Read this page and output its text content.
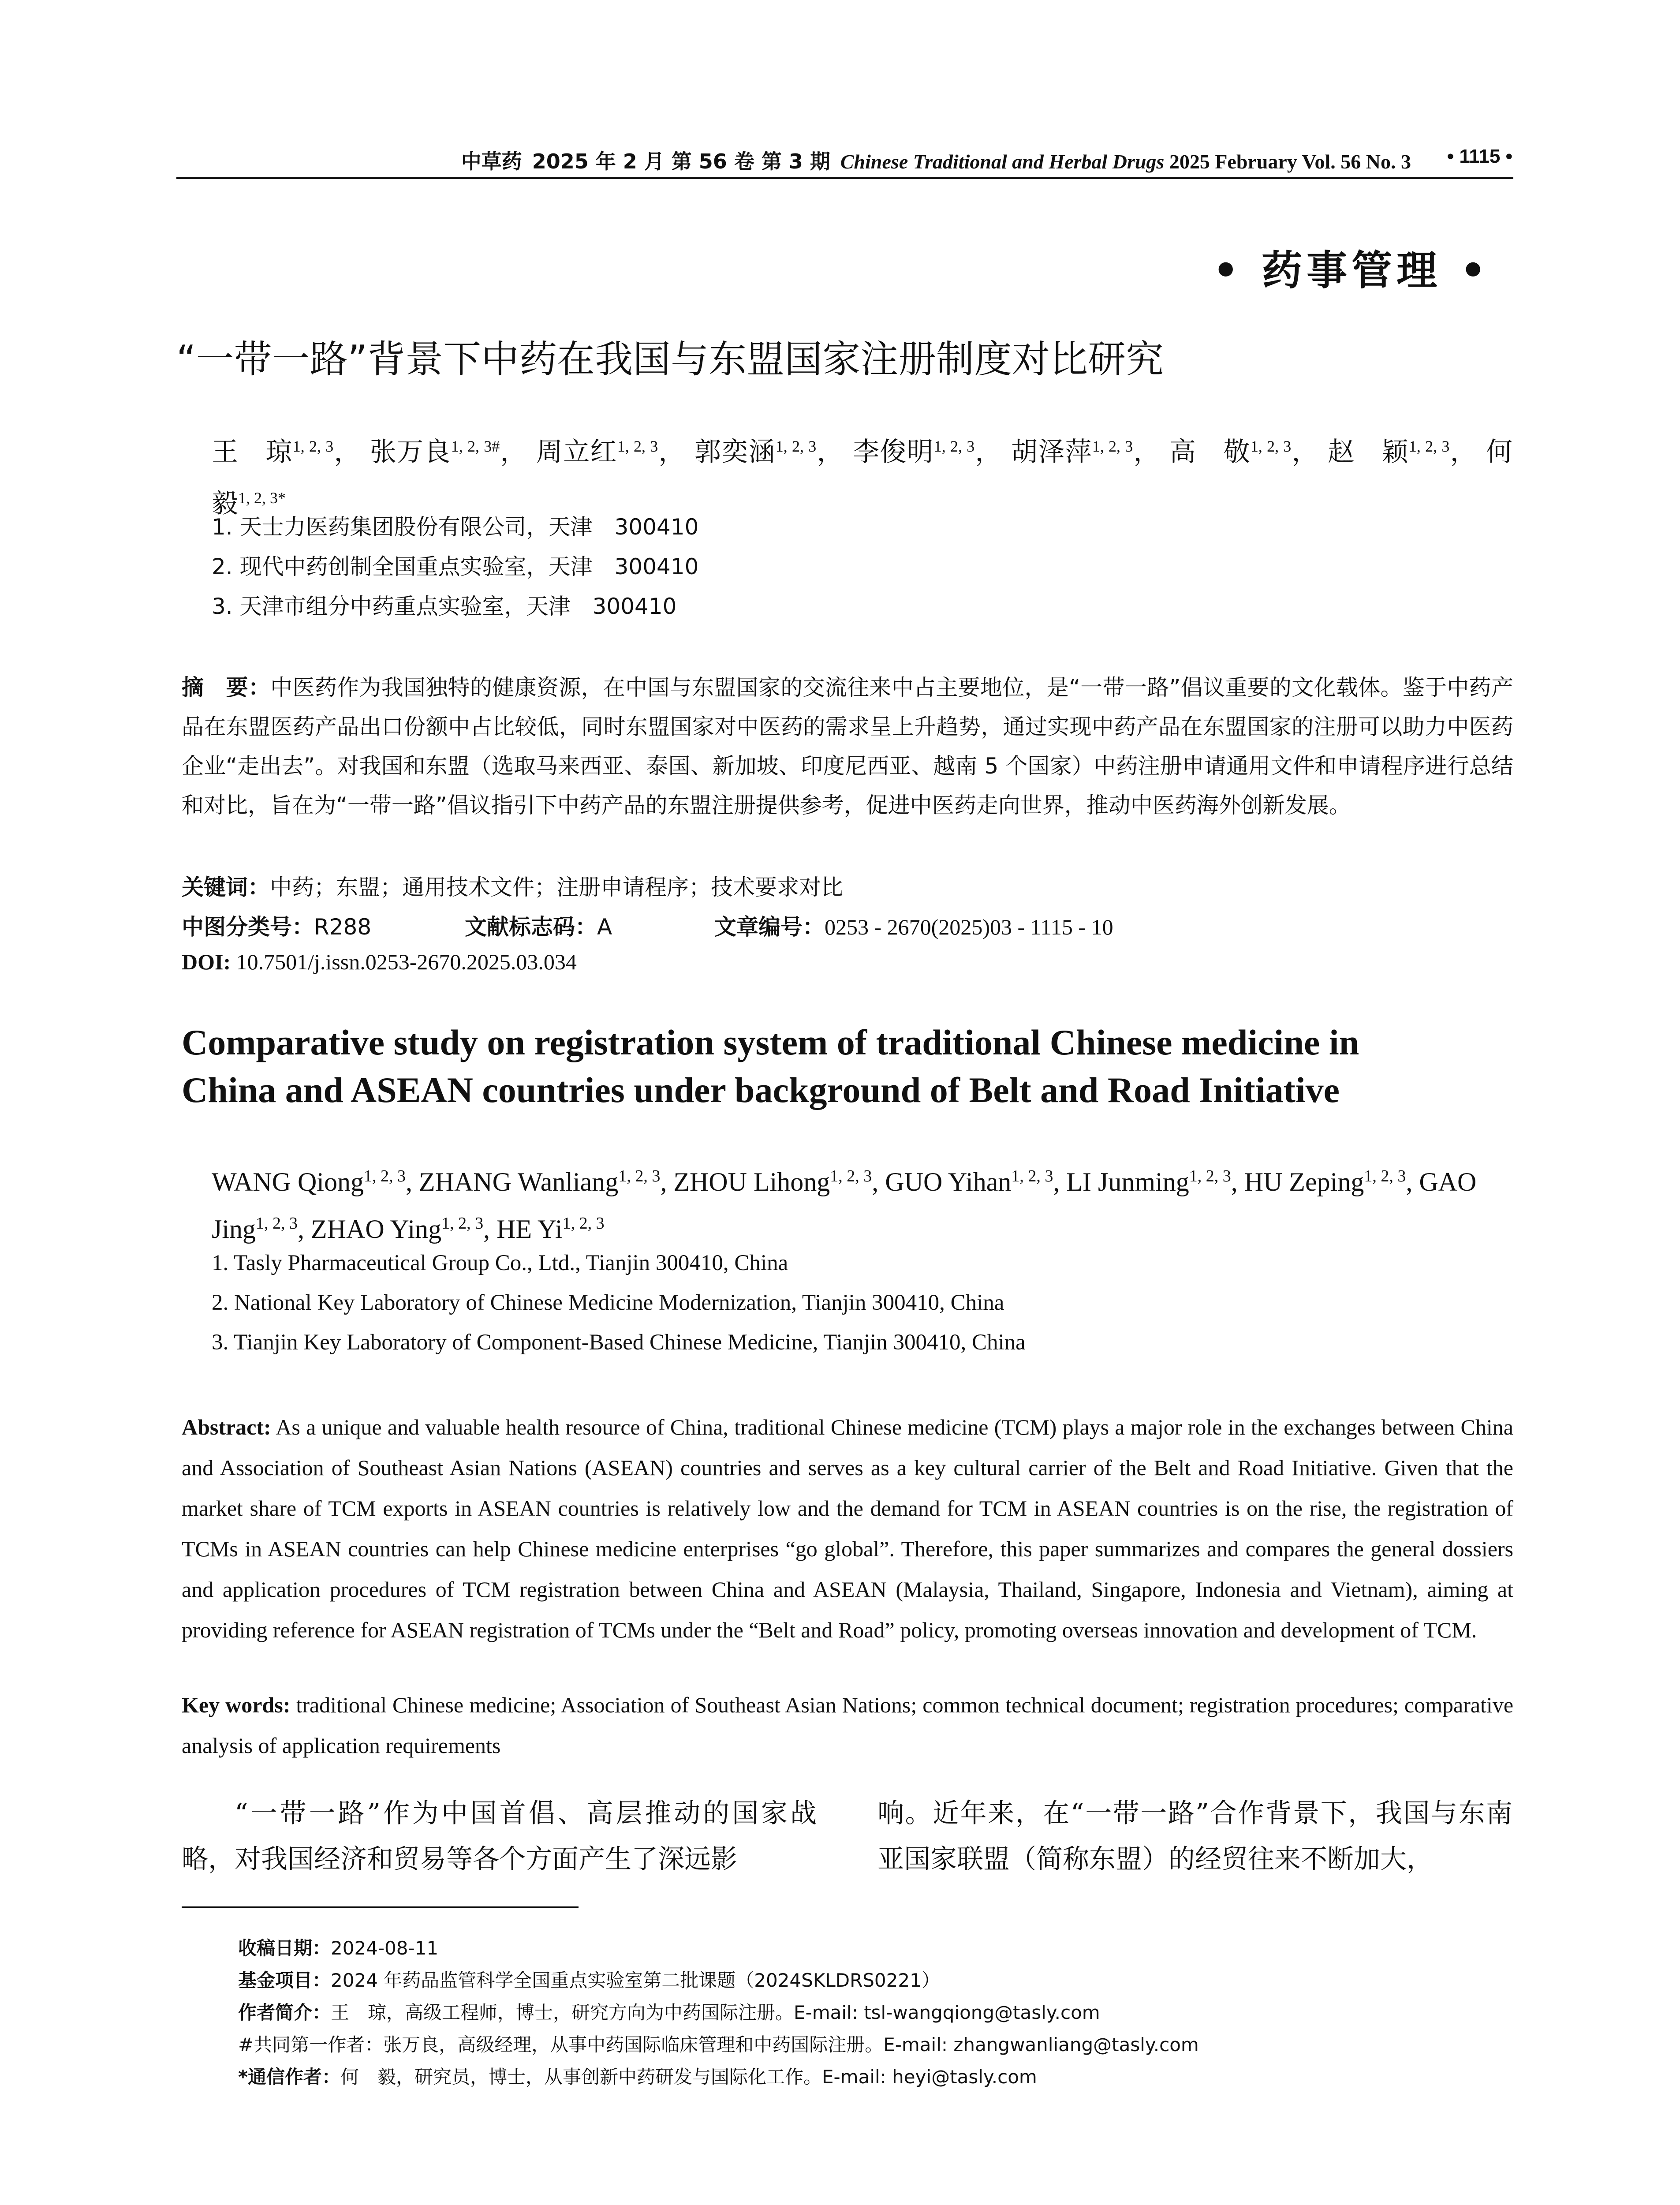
中草药 2025 年 2 月 第 56 卷 第 3 期 Chinese Traditional and Herbal Drugs 2025 February Vol. 56 No. 3	• 1115 •
• 药事管理 •
“一带一路”背景下中药在我国与东盟国家注册制度对比研究
王　琼$^{1, 2, 3}$， 张万良$^{1, 2, 3\#}$， 周立红$^{1, 2, 3}$， 郭奕涵$^{1, 2, 3}$， 李俊明$^{1, 2, 3}$， 胡泽萍$^{1, 2, 3}$， 高　敬$^{1, 2, 3}$， 赵　颖$^{1, 2, 3}$， 何　毅$^{1, 2, 3*}$
1. 天士力医药集团股份有限公司，天津　300410
2. 现代中药创制全国重点实验室，天津　300410
3. 天津市组分中药重点实验室，天津　300410
摘　要：中医药作为我国独特的健康资源，在中国与东盟国家的交流往来中占主要地位，是“一带一路”倡议重要的文化载体。鉴于中药产品在东盟医药产品出口份额中占比较低，同时东盟国家对中医药的需求呈上升趋势，通过实现中药产品在东盟国家的注册可以助力中医药企业“走出去”。对我国和东盟（选取马来西亚、泰国、新加坡、印度尼西亚、越南 5 个国家）中药注册申请通用文件和申请程序进行总结和对比，旨在为“一带一路”倡议指引下中药产品的东盟注册提供参考，促进中医药走向世界，推动中医药海外创新发展。
关键词：中药；东盟；通用技术文件；注册申请程序；技术要求对比
中图分类号：R288	文献标志码：A	文章编号：0253 - 2670(2025)03 - 1115 - 10
DOI: 10.7501/j.issn.0253-2670.2025.03.034
Comparative study on registration system of traditional Chinese medicine in
China and ASEAN countries under background of Belt and Road Initiative
WANG Qiong$^{1, 2, 3}$, ZHANG Wanliang$^{1, 2, 3}$, ZHOU Lihong$^{1, 2, 3}$, GUO Yihan$^{1, 2, 3}$, LI Junming$^{1, 2, 3}$, HU Zeping$^{1, 2, 3}$, GAO Jing$^{1, 2, 3}$, ZHAO Ying$^{1, 2, 3}$, HE Yi$^{1, 2, 3}$
1. Tasly Pharmaceutical Group Co., Ltd., Tianjin 300410, China
2. National Key Laboratory of Chinese Medicine Modernization, Tianjin 300410, China
3. Tianjin Key Laboratory of Component-Based Chinese Medicine, Tianjin 300410, China
Abstract: As a unique and valuable health resource of China, traditional Chinese medicine (TCM) plays a major role in the exchanges between China and Association of Southeast Asian Nations (ASEAN) countries and serves as a key cultural carrier of the Belt and Road Initiative. Given that the market share of TCM exports in ASEAN countries is relatively low and the demand for TCM in ASEAN countries is on the rise, the registration of TCMs in ASEAN countries can help Chinese medicine enterprises “go global”. Therefore, this paper summarizes and compares the general dossiers and application procedures of TCM registration between China and ASEAN (Malaysia, Thailand, Singapore, Indonesia and Vietnam), aiming at providing reference for ASEAN registration of TCMs under the “Belt and Road” policy, promoting overseas innovation and development of TCM.
Key words: traditional Chinese medicine; Association of Southeast Asian Nations; common technical document; registration procedures; comparative analysis of application requirements
“一带一路”作为中国首倡、高层推动的国家战略，对我国经济和贸易等各个方面产生了深远影
响。近年来，在“一带一路”合作背景下，我国与东南亚国家联盟（简称东盟）的经贸往来不断加大，
收稿日期：2024-08-11
基金项目：2024 年药品监管科学全国重点实验室第二批课题（2024SKLDRS0221）
作者简介：王　琼，高级工程师，博士，研究方向为中药国际注册。E-mail: tsl-wangqiong@tasly.com
#共同第一作者：张万良，高级经理，从事中药国际临床管理和中药国际注册。E-mail: zhangwanliang@tasly.com
*通信作者：何　毅，研究员，博士，从事创新中药研发与国际化工作。E-mail: heyi@tasly.com
